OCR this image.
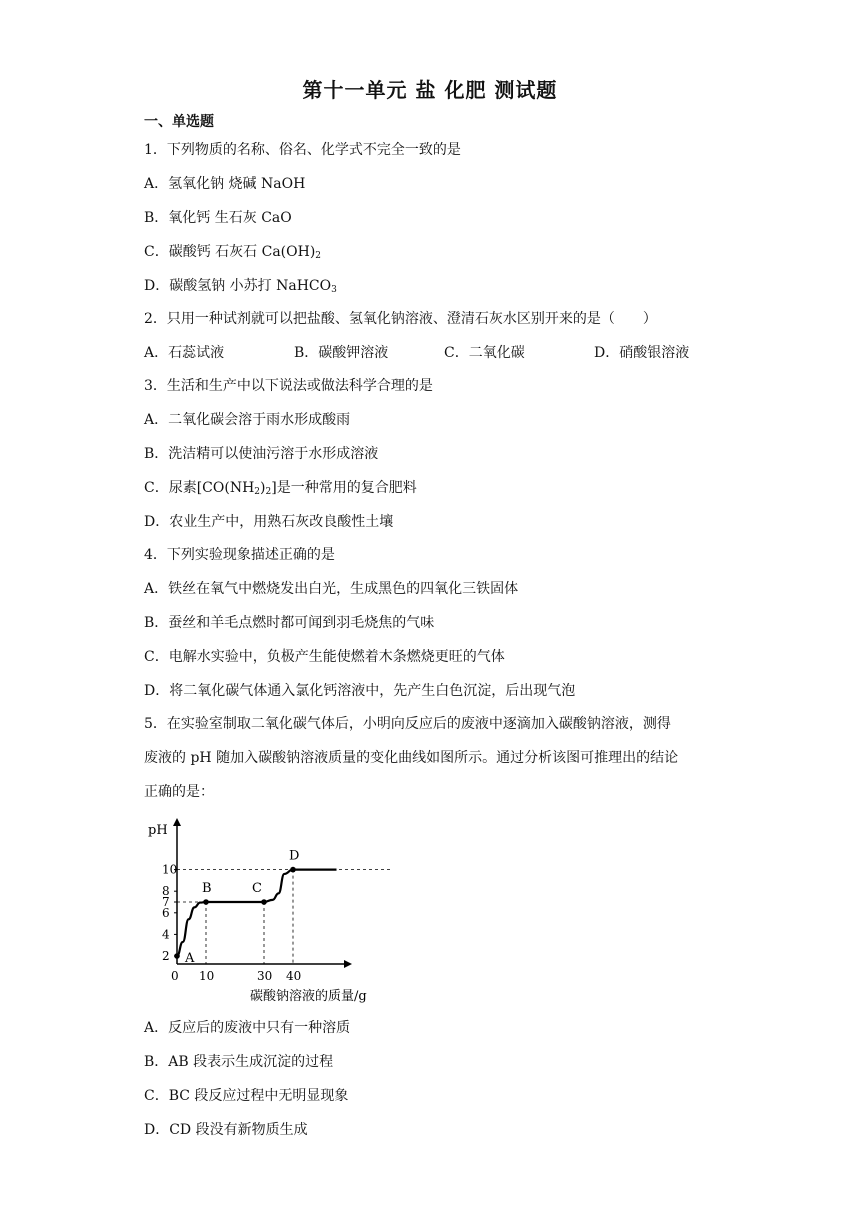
第十一单元 盐 化肥 测试题
一、单选题
1．下列物质的名称、俗名、化学式不完全一致的是
A．氢氧化钠 烧碱 NaOH
B．氧化钙 生石灰 CaO
C．碳酸钙 石灰石 $Ca(OH)_2$
D．碳酸氢钠 小苏打 NaHCO$_3$
2．只用一种试剂就可以把盐酸、氢氧化钠溶液、澄清石灰水区别开来的是（　　）
A．石蕊试液	B．碳酸钾溶液	C．二氧化碳	D．硝酸银溶液
3．生活和生产中以下说法或做法科学合理的是
A．二氧化碳会溶于雨水形成酸雨
B．洗洁精可以使油污溶于水形成溶液
C．尿素$[CO(NH_2)_2]$是一种常用的复合肥料
D．农业生产中，用熟石灰改良酸性土壤
4．下列实验现象描述正确的是
A．铁丝在氧气中燃烧发出白光，生成黑色的四氧化三铁固体
B．蚕丝和羊毛点燃时都可闻到羽毛烧焦的气味
C．电解水实验中，负极产生能使燃着木条燃烧更旺的气体
D．将二氧化碳气体通入氯化钙溶液中，先产生白色沉淀，后出现气泡
5．在实验室制取二氧化碳气体后，小明向反应后的废液中逐滴加入碳酸钠溶液，测得
废液的 pH 随加入碳酸钠溶液质量的变化曲线如图所示。通过分析该图可推理出的结论
正确的是：
pH
碳酸钠溶液的质量/g
2
4
6
7
8
10
0 10	30 40
A
B	C
D
A．反应后的废液中只有一种溶质
B．AB 段表示生成沉淀的过程
C．BC 段反应过程中无明显现象
D．CD 段没有新物质生成
